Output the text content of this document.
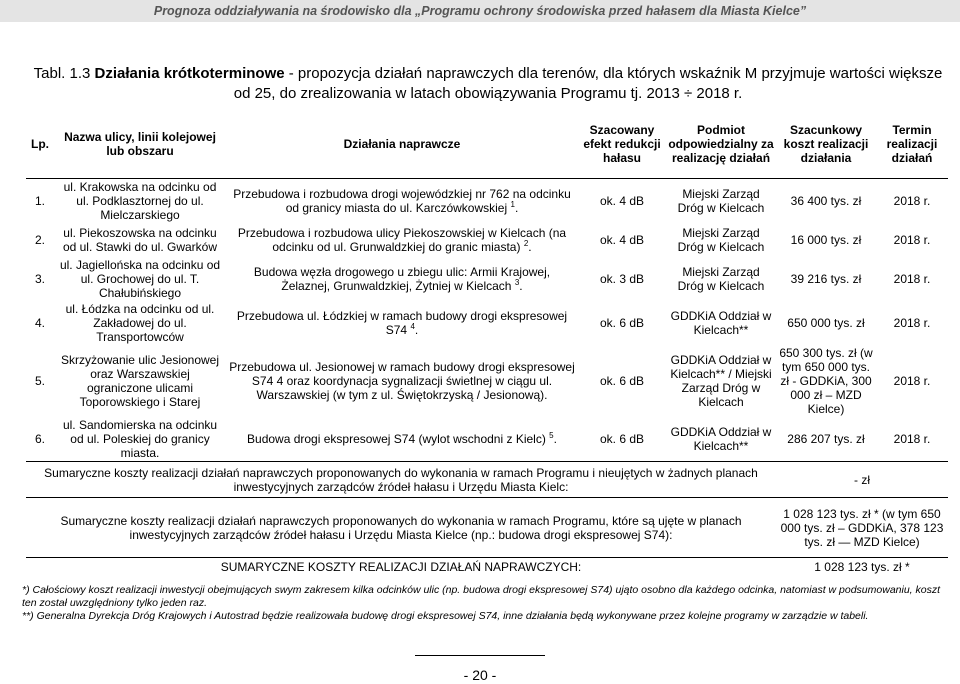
Prognoza oddziaływania na środowisko dla „Programu ochrony środowiska przed hałasem dla Miasta Kielce”
Tabl. 1.3 Działania krótkoterminowe - propozycja działań naprawczych dla terenów, dla których wskaźnik M przyjmuje wartości większe od 25, do zrealizowania w latach obowiązywania Programu tj. 2013 ÷ 2018 r.
Lp.	Nazwa ulicy, linii kolejowej lub obszaru	Działania naprawcze	Szacowany efekt redukcji hałasu	Podmiot odpowiedzialny za realizację działań	Szacunkowy koszt realizacji działania	Termin realizacji działań
1.	ul. Krakowska na odcinku od ul. Podklasztornej do ul. Mielczarskiego	Przebudowa i rozbudowa drogi wojewódzkiej nr 762 na odcinku od granicy miasta do ul. Karczówkowskiej $^1$.	ok. 4 dB	Miejski Zarząd Dróg w Kielcach	36 400 tys. zł	2018 r.
2.	ul. Piekoszowska na odcinku od ul. Stawki do ul. Gwarków	Przebudowa i rozbudowa ulicy Piekoszowskiej w Kielcach (na odcinku od ul. Grunwaldzkiej do granic miasta) $^2$.	ok. 4 dB	Miejski Zarząd Dróg w Kielcach	16 000 tys. zł	2018 r.
3.	ul. Jagiellońska na odcinku od ul. Grochowej do ul. T. Chałubińskiego	Budowa węzła drogowego u zbiegu ulic: Armii Krajowej, Żelaznej, Grunwaldzkiej, Żytniej w Kielcach $^3$.	ok. 3 dB	Miejski Zarząd Dróg w Kielcach	39 216 tys. zł	2018 r.
4.	ul. Łódzka na odcinku od ul. Zakładowej do ul. Transportowców	Przebudowa ul. Łódzkiej w ramach budowy drogi ekspresowej S74 $^4$.	ok. 6 dB	GDDKiA Oddział w Kielcach**	650 000 tys. zł	2018 r.
5.	Skrzyżowanie ulic Jesionowej oraz Warszawskiej ograniczone ulicami Toporowskiego i Starej	Przebudowa ul. Jesionowej w ramach budowy drogi ekspresowej S74 4 oraz koordynacja sygnalizacji świetlnej w ciągu ul. Warszawskiej (w tym z ul. Świętokrzyską / Jesionową).	ok. 6 dB	GDDKiA Oddział w Kielcach** / Miejski Zarząd Dróg w Kielcach	650 300 tys. zł (w tym 650 000 tys. zł - GDDKiA, 300 000 zł – MZD Kielce)	2018 r.
6.	ul. Sandomierska na odcinku od ul. Poleskiej do granicy miasta.	Budowa drogi ekspresowej S74 (wylot wschodni z Kielc) $^5$.	ok. 6 dB	GDDKiA Oddział w Kielcach**	286 207 tys. zł	2018 r.
Sumaryczne koszty realizacji działań naprawczych proponowanych do wykonania w ramach Programu i nieujętych w żadnych planach inwestycyjnych zarządców źródeł hałasu i Urzędu Miasta Kielc:					- zł	
Sumaryczne koszty realizacji działań naprawczych proponowanych do wykonania w ramach Programu, które są ujęte w planach inwestycyjnych zarządców źródeł hałasu i Urzędu Miasta Kielce (np.: budowa drogi ekspresowej S74):					1 028 123 tys. zł * (w tym 650 000 tys. zł – GDDKiA, 378 123 tys. zł — MZD Kielce)	
SUMARYCZNE KOSZTY REALIZACJI DZIAŁAŃ NAPRAWCZYCH:					1 028 123 tys. zł *	
*) Całościowy koszt realizacji inwestycji obejmujących swym zakresem kilka odcinków ulic (np. budowa drogi ekspresowej S74) ująto osobno dla każdego odcinka, natomiast w podsumowaniu, koszt ten został uwzględniony tylko jeden raz.
**) Generalna Dyrekcja Dróg Krajowych i Autostrad będzie realizowała budowę drogi ekspresowej S74, inne działania będą wykonywane przez kolejne programy w zarządzie w tabeli.
- 20 -
